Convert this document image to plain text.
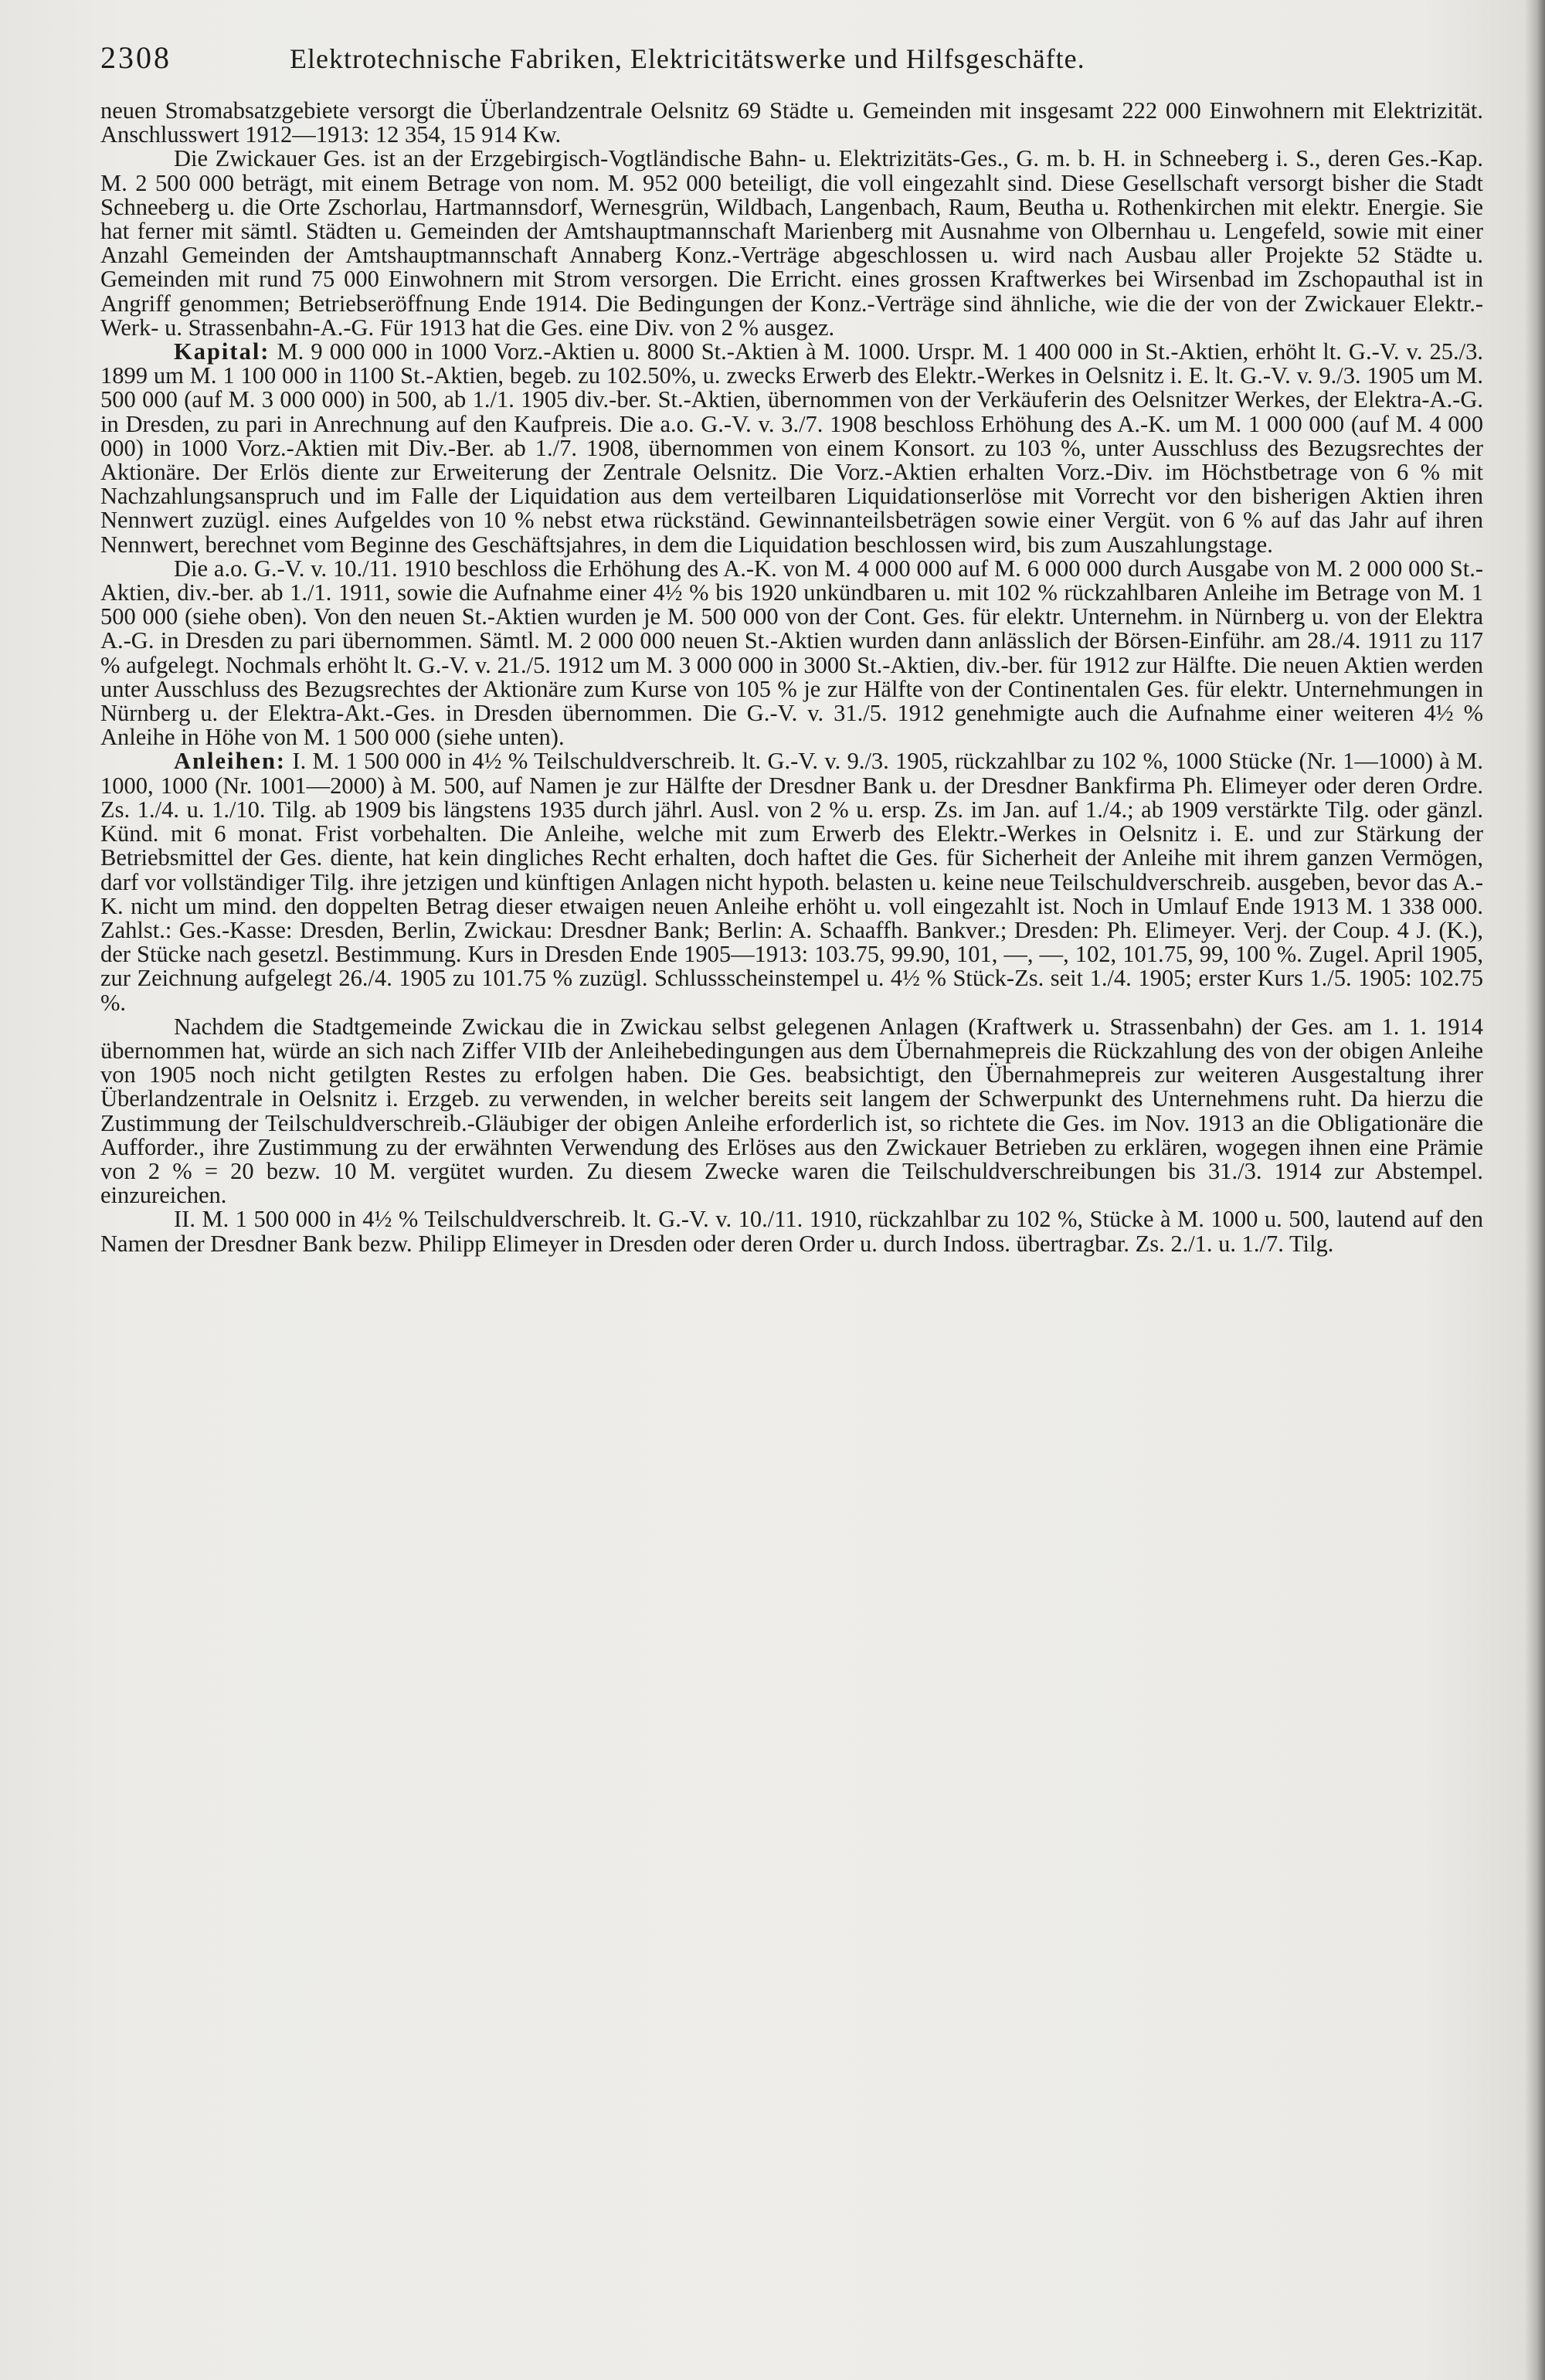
2308	Elektrotechnische Fabriken, Elektricitätswerke und Hilfsgeschäfte.

neuen Stromabsatzgebiete versorgt die Überlandzentrale Oelsnitz 69 Städte u. Gemeinden mit insgesamt 222 000 Einwohnern mit Elektrizität. Anschlusswert 1912—1913: 12 354, 15 914 Kw.

Die Zwickauer Ges. ist an der Erzgebirgisch-Vogtländische Bahn- u. Elektrizitäts-Ges., G. m. b. H. in Schneeberg i. S., deren Ges.-Kap. M. 2 500 000 beträgt, mit einem Betrage von nom. M. 952 000 beteiligt, die voll eingezahlt sind. Diese Gesellschaft versorgt bisher die Stadt Schneeberg u. die Orte Zschorlau, Hartmannsdorf, Wernesgrün, Wildbach, Langenbach, Raum, Beutha u. Rothenkirchen mit elektr. Energie. Sie hat ferner mit sämtl. Städten u. Gemeinden der Amtshauptmannschaft Marienberg mit Ausnahme von Olbernhau u. Lengefeld, sowie mit einer Anzahl Gemeinden der Amtshauptmannschaft Annaberg Konz.-Verträge abgeschlossen u. wird nach Ausbau aller Projekte 52 Städte u. Gemeinden mit rund 75 000 Einwohnern mit Strom versorgen. Die Erricht. eines grossen Kraftwerkes bei Wirsenbad im Zschopauthal ist in Angriff genommen; Betriebseröffnung Ende 1914. Die Bedingungen der Konz.-Verträge sind ähnliche, wie die der von der Zwickauer Elektr.-Werk- u. Strassenbahn-A.-G. Für 1913 hat die Ges. eine Div. von 2 % ausgez.

Kapital: M. 9 000 000 in 1000 Vorz.-Aktien u. 8000 St.-Aktien à M. 1000. Urspr. M. 1 400 000 in St.-Aktien, erhöht lt. G.-V. v. 25./3. 1899 um M. 1 100 000 in 1100 St.-Aktien, begeb. zu 102.50%, u. zwecks Erwerb des Elektr.-Werkes in Oelsnitz i. E. lt. G.-V. v. 9./3. 1905 um M. 500 000 (auf M. 3 000 000) in 500, ab 1./1. 1905 div.-ber. St.-Aktien, übernommen von der Verkäuferin des Oelsnitzer Werkes, der Elektra-A.-G. in Dresden, zu pari in Anrechnung auf den Kaufpreis. Die a.o. G.-V. v. 3./7. 1908 beschloss Erhöhung des A.-K. um M. 1 000 000 (auf M. 4 000 000) in 1000 Vorz.-Aktien mit Div.-Ber. ab 1./7. 1908, übernommen von einem Konsort. zu 103 %, unter Ausschluss des Bezugsrechtes der Aktionäre. Der Erlös diente zur Erweiterung der Zentrale Oelsnitz. Die Vorz.-Aktien erhalten Vorz.-Div. im Höchstbetrage von 6 % mit Nachzahlungsanspruch und im Falle der Liquidation aus dem verteilbaren Liquidationserlöse mit Vorrecht vor den bisherigen Aktien ihren Nennwert zuzügl. eines Aufgeldes von 10 % nebst etwa rückständ. Gewinnanteilsbeträgen sowie einer Vergüt. von 6 % auf das Jahr auf ihren Nennwert, berechnet vom Beginne des Geschäftsjahres, in dem die Liquidation beschlossen wird, bis zum Auszahlungstage.

Die a.o. G.-V. v. 10./11. 1910 beschloss die Erhöhung des A.-K. von M. 4 000 000 auf M. 6 000 000 durch Ausgabe von M. 2 000 000 St.-Aktien, div.-ber. ab 1./1. 1911, sowie die Aufnahme einer 4½ % bis 1920 unkündbaren u. mit 102 % rückzahlbaren Anleihe im Betrage von M. 1 500 000 (siehe oben). Von den neuen St.-Aktien wurden je M. 500 000 von der Cont. Ges. für elektr. Unternehm. in Nürnberg u. von der Elektra A.-G. in Dresden zu pari übernommen. Sämtl. M. 2 000 000 neuen St.-Aktien wurden dann anlässlich der Börsen-Einführ. am 28./4. 1911 zu 117 % aufgelegt. Nochmals erhöht lt. G.-V. v. 21./5. 1912 um M. 3 000 000 in 3000 St.-Aktien, div.-ber. für 1912 zur Hälfte. Die neuen Aktien werden unter Ausschluss des Bezugsrechtes der Aktionäre zum Kurse von 105 % je zur Hälfte von der Continentalen Ges. für elektr. Unternehmungen in Nürnberg u. der Elektra-Akt.-Ges. in Dresden übernommen. Die G.-V. v. 31./5. 1912 genehmigte auch die Aufnahme einer weiteren 4½ % Anleihe in Höhe von M. 1 500 000 (siehe unten).

Anleihen: I. M. 1 500 000 in 4½ % Teilschuldverschreib. lt. G.-V. v. 9./3. 1905, rückzahlbar zu 102 %, 1000 Stücke (Nr. 1—1000) à M. 1000, 1000 (Nr. 1001—2000) à M. 500, auf Namen je zur Hälfte der Dresdner Bank u. der Dresdner Bankfirma Ph. Elimeyer oder deren Ordre. Zs. 1./4. u. 1./10. Tilg. ab 1909 bis längstens 1935 durch jährl. Ausl. von 2 % u. ersp. Zs. im Jan. auf 1./4.; ab 1909 verstärkte Tilg. oder gänzl. Künd. mit 6 monat. Frist vorbehalten. Die Anleihe, welche mit zum Erwerb des Elektr.-Werkes in Oelsnitz i. E. und zur Stärkung der Betriebsmittel der Ges. diente, hat kein dingliches Recht erhalten, doch haftet die Ges. für Sicherheit der Anleihe mit ihrem ganzen Vermögen, darf vor vollständiger Tilg. ihre jetzigen und künftigen Anlagen nicht hypoth. belasten u. keine neue Teilschuldverschreib. ausgeben, bevor das A.-K. nicht um mind. den doppelten Betrag dieser etwaigen neuen Anleihe erhöht u. voll eingezahlt ist. Noch in Umlauf Ende 1913 M. 1 338 000. Zahlst.: Ges.-Kasse: Dresden, Berlin, Zwickau: Dresdner Bank; Berlin: A. Schaaffh. Bankver.; Dresden: Ph. Elimeyer. Verj. der Coup. 4 J. (K.), der Stücke nach gesetzl. Bestimmung. Kurs in Dresden Ende 1905—1913: 103.75, 99.90, 101, —, —, 102, 101.75, 99, 100 %. Zugel. April 1905, zur Zeichnung aufgelegt 26./4. 1905 zu 101.75 % zuzügl. Schlussscheinstempel u. 4½ % Stück-Zs. seit 1./4. 1905; erster Kurs 1./5. 1905: 102.75 %.

Nachdem die Stadtgemeinde Zwickau die in Zwickau selbst gelegenen Anlagen (Kraftwerk u. Strassenbahn) der Ges. am 1. 1. 1914 übernommen hat, würde an sich nach Ziffer VIIb der Anleihebedingungen aus dem Übernahmepreis die Rückzahlung des von der obigen Anleihe von 1905 noch nicht getilgten Restes zu erfolgen haben. Die Ges. beabsichtigt, den Übernahmepreis zur weiteren Ausgestaltung ihrer Überlandzentrale in Oelsnitz i. Erzgeb. zu verwenden, in welcher bereits seit langem der Schwerpunkt des Unternehmens ruht. Da hierzu die Zustimmung der Teilschuldverschreib.-Gläubiger der obigen Anleihe erforderlich ist, so richtete die Ges. im Nov. 1913 an die Obligationäre die Aufforder., ihre Zustimmung zu der erwähnten Verwendung des Erlöses aus den Zwickauer Betrieben zu erklären, wogegen ihnen eine Prämie von 2 % = 20 bezw. 10 M. vergütet wurden. Zu diesem Zwecke waren die Teilschuldverschreibungen bis 31./3. 1914 zur Abstempel. einzureichen.

II. M. 1 500 000 in 4½ % Teilschuldverschreib. lt. G.-V. v. 10./11. 1910, rückzahlbar zu 102 %, Stücke à M. 1000 u. 500, lautend auf den Namen der Dresdner Bank bezw. Philipp Elimeyer in Dresden oder deren Order u. durch Indoss. übertragbar. Zs. 2./1. u. 1./7. Tilg.
